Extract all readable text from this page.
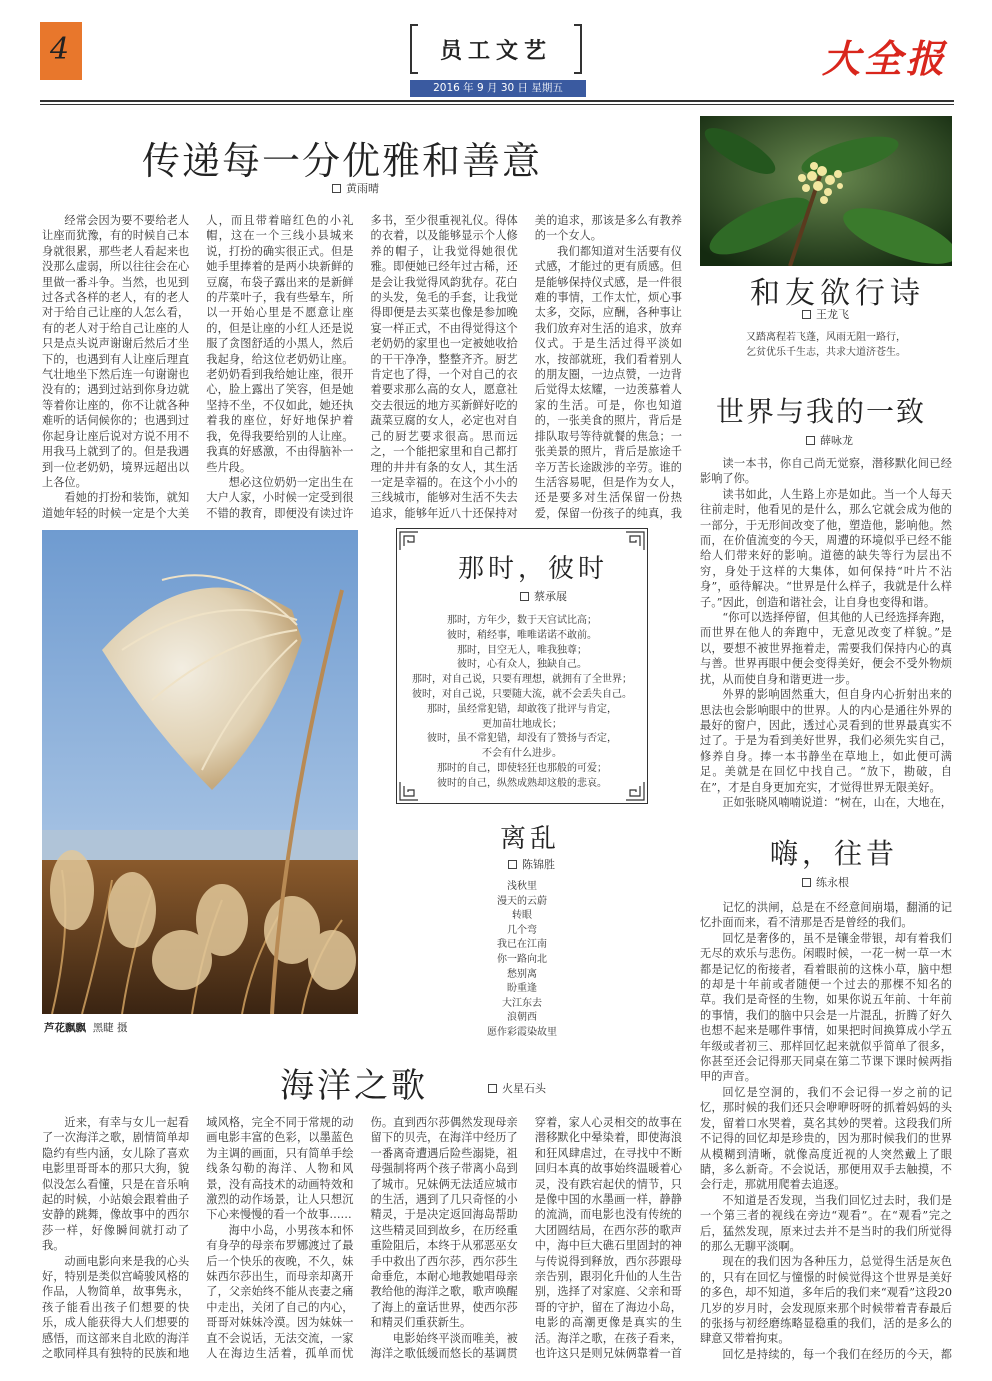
4	员工文艺
2016 年 9 月 30 日 星期五
大全报
传递每一分优雅和善意
黄雨晴

经常会因为要不要给老人让座而犹豫，有的时候自己本身就很累，那些老人看起来也没那么虚弱，所以往往会在心里做一番斗争。当然，也见到过各式各样的老人，有的老人对于给自己让座的人怎么看，有的老人对于给自己让座的人只是点头说声谢谢后然后才坐下的，也遇到有人让座后理直气壮地坐下然后连一句谢谢也没有的；遇到过站到你身边就等着你让座的，你不让就各种难听的话伺候你的；也遇到过你起身让座后说对方说不用不用我马上就到了的。但是我遇到一位老奶奶，境界远超出以上各位。

看她的打扮和装饰，就知道她年轻的时候一定是个大美人，而且带着暗红色的小礼帽，这在一个三线小县城来说，打扮的确实很正式。但是她手里捧着的是两小块新鲜的豆腐，布袋子露出来的是新鲜的芹菜叶子，我有些晕车，所以一开始心里是不愿意让座的，但是让座的小红人还是说服了贪图舒适的小黑人，然后我起身，给这位老奶奶让座。老奶奶看到我给她让座，很开心，脸上露出了笑容，但是她坚持不坐，不仅如此，她还执着我的座位，好好地保护着我，免得我要给别的人让座。我真的好感激，不由得脑补一些片段。

想必这位奶奶一定出生在大户人家，小时候一定受到很不错的教育，即便没有读过许多书，至少很重视礼仪。得体的衣着，以及能够显示个人修养的帽子，让我觉得她很优雅。即便她已经年过古稀，还是会让我觉得风韵犹存。花白的头发，兔毛的手套，让我觉得即便是去买菜也像是参加晚宴一样正式，不由得觉得这个老奶奶的家里也一定被她收拾的干干净净，整整齐齐。厨艺肯定也了得，一个对自己的衣着要求那么高的女人，愿意社交去很远的地方买新鲜好吃的蔬菜豆腐的女人，必定也对自己的厨艺要求很高。思而远之，一个能把家里和自己都打理的井井有条的女人，其生活一定是幸福的。在这个小小的三线城市，能够对生活不失去追求，能够年近八十还保持对美的追求，那该是多么有教养的一个女人。

我们都知道对生活要有仪式感，才能过的更有质感。但是能够保持仪式感，是一件很难的事情，工作太忙，烦心事太多，交际，应酬，各种事让我们放弃对生活的追求，放弃仪式。于是生活过得平淡如水，按部就班，我们看着别人的朋友圈，一边点赞，一边背后觉得太炫耀，一边羡慕着人家的生活。可是，你也知道的，一张美食的照片，背后是排队取号等待就餐的焦急；一张美景的照片，背后是旅途千辛万苦长途跋涉的辛劳。谁的生活容易呢，但是作为女人，还是要多对生活保留一份热爱，保留一份孩子的纯真，我

和友欲行诗
王龙飞

又踏离程若飞蓬，风雨无阻一路行，

乞贫优乐千生志，共求大道济苍生。

世界与我的一致
薛咏龙

读一本书，你自己尚无觉察，潜移默化间已经影响了你。

读书如此，人生路上亦是如此。当一个人每天往前走时，他看见的是什么，那么它就会成为他的一部分，于无形间改变了他，塑造他，影响他。然而，在价值流变的今天，周遭的环境似乎已经不能给人们带来好的影响。道德的缺失等行为层出不穷，身处于这样的大集体，如何保持“叶片不沾身”，亟待解决。“世界是什么样子，我就是什么样子。”因此，创造和谐社会，让自身也变得和谐。

“你可以选择停留，但其他的人已经选择奔跑，而世界在他人的奔跑中，无意见改变了样貌。”是以，要想不被世界拖着走，需要我们保持内心的真与善。世界再眼中便会变得美好，便会不受外物烦扰，从而使自身和谐更进一步。

外界的影响固然重大，但自身内心折射出来的思法也会影响眼中的世界。人的内心是通往外界的最好的窗户，因此，透过心灵看到的世界最真实不过了。于是为看到美好世界，我们必须先实自己，修养自身。捧一本书静坐在草地上，如此便可满足。美就是在回忆中找自己。“放下，勘破，自在”，才是自身更加充实，才觉得世界无限美好。

正如张晓风喃喃说道：“树在，山在，大地在，

芦花飘飘 黑睫 摄
那时，彼时
蔡承展

那时，方年少，数于天宫试比高；

彼时，稍经事，唯唯诺诺不敢前。

那时，目空无人，唯我独尊；

彼时，心有众人，独缺自己。

那时，对自己说，只要有理想，就拥有了全世界；

彼时，对自己说，只要随大流，就不会丢失自己。

那时，虽经常犯错，却敢筏了批评与肯定，

更加苗壮地成长；

彼时，虽不常犯错，却没有了赞扬与否定，

不会有什么进步。

那时的自己，即使轻狂也那般的可爱；

彼时的自己，纵然成熟却这般的悲哀。

离乱
陈锦胜

浅秋里

漫天的云蔚

转眼

几个弯

我已在江南

你一路向北

愁别离

盼重逢

大江东去

浪朝西

愿作彩霞染故里

嗨，往昔
练永根

记忆的洪闸，总是在不经意间崩塌，翻涌的记忆扑面而来，看不清那是否是曾经的我们。

回忆是奢侈的，虽不是镶金带银，却有着我们无尽的欢乐与悲伤。闲暇时候，一花一树一草一木都是记忆的衔接者，看着眼前的这株小草，脑中想的却是十年前或者随便一个过去的那棵不知名的草。我们是奇怪的生物，如果你说五年前、十年前的事情，我们的脑中只会是一片混乱，折腾了好久也想不起来是哪件事情，如果把时间换算成小学五年级或者初三、那样回忆起来就似乎简单了很多，你甚至还会记得那天同桌在第二节课下课时候两指甲的声音。

回忆是空洞的，我们不会记得一岁之前的记忆，那时候的我们还只会咿咿呀呀的抓着妈妈的头发，留着口水哭着，莫名其妙的哭着。这段我们所不记得的回忆却是珍贵的，因为那时候我们的世界从模糊到清晰，就像高度近视的人突然戴上了眼睛，多么新奇。不会说话，那便用双手去触摸，不会行走，那就用爬着去追逐。

不知道是否发现，当我们回忆过去时，我们是一个第三者的视线在旁边“观看”。在“观看”完之后，猛然发现，原来过去并不是当时的我们所觉得的那么无聊平淡啊。

现在的我们因为各种压力，总觉得生活是灰色的，只有在回忆与憧憬的时候觉得这个世界是美好的多色，却不知道，多年后的我们来“观看”这段20几岁的岁月时，会发现原来那个时候带着青春最后的张扬与初经磨练略显稳重的我们，活的是多么的肆意又带着拘束。

回忆是持续的，每一个我们在经历的今天，都

海洋之歌	火星石头

近来，有幸与女儿一起看了一次海洋之歌，剧情简单却隐约有些内涵，女儿除了喜欢电影里哥哥本的那只大狗，貌似没怎么看懂，只是在音乐响起的时候，小站娘会跟着曲子安静的跳舞，像故事中的西尔莎一样，好像瞬间就打动了我。

动画电影向来是我的心头好，特别是类似宫崎骏风格的作品，人物简单，故事隽永，孩子能看出孩子们想要的快乐，成人能获得大人们想要的感悟，而这部来自北欧的海洋之歌同样具有独特的民族和地域风格，完全不同于常规的动画电影丰富的色彩，以墨蓝色为主调的画面，只有简单手绘线条勾勒的海洋、人物和风景，没有高技术的动画特效和激烈的动作场景，让人只想沉下心来慢慢的看一个故事……

海中小岛，小男孩本和怀有身孕的母亲布罗娜渡过了最后一个快乐的夜晚，不久，妹妹西尔莎出生，而母亲却离开了，父亲始终不能从丧妻之痛中走出，关闭了自己的内心，哥哥对妹妹冷漠。因为妹妹一直不会说话，无法交流，一家人在海边生活着，孤单而忧伤。直到西尔莎偶然发现母亲留下的贝壳，在海洋中经历了一番离奇遭遇后险些溺毙，祖母强制将两个孩子带离小岛到了城市。兄妹俩无法适应城市的生活，遇到了几只奇怪的小精灵，于是决定返回海岛帮助这些精灵回到故乡，在历经重重险阻后，本终于从邪恶巫女手中救出了西尔莎，西尔莎生命垂危，本耐心地教她唱母亲教给他的海洋之歌，歌声唤醒了海上的童话世界，使西尔莎和精灵们重获新生。

电影始终平淡而唯美，被海洋之歌低缓而悠长的基调贯穿着，家人心灵相交的故事在潜移默化中晕染着，即使海浪和狂风肆虐过，在寻找中不断回归本真的故事始终温暖着心灵，没有跌宕起伏的情节，只是像中国的水墨画一样，静静的流淌，而电影也没有传统的大团圆结局，在西尔莎的歌声中，海中巨大礁石里固封的神与传说得到释放，西尔莎跟母亲告别，跟羽化升仙的人生告别，选择了对家庭、父亲和哥哥的守护，留在了海边小岛，电影的高潮更像是真实的生活。海洋之歌，在孩子看来，也许这只是则兄妹俩靠着一首
